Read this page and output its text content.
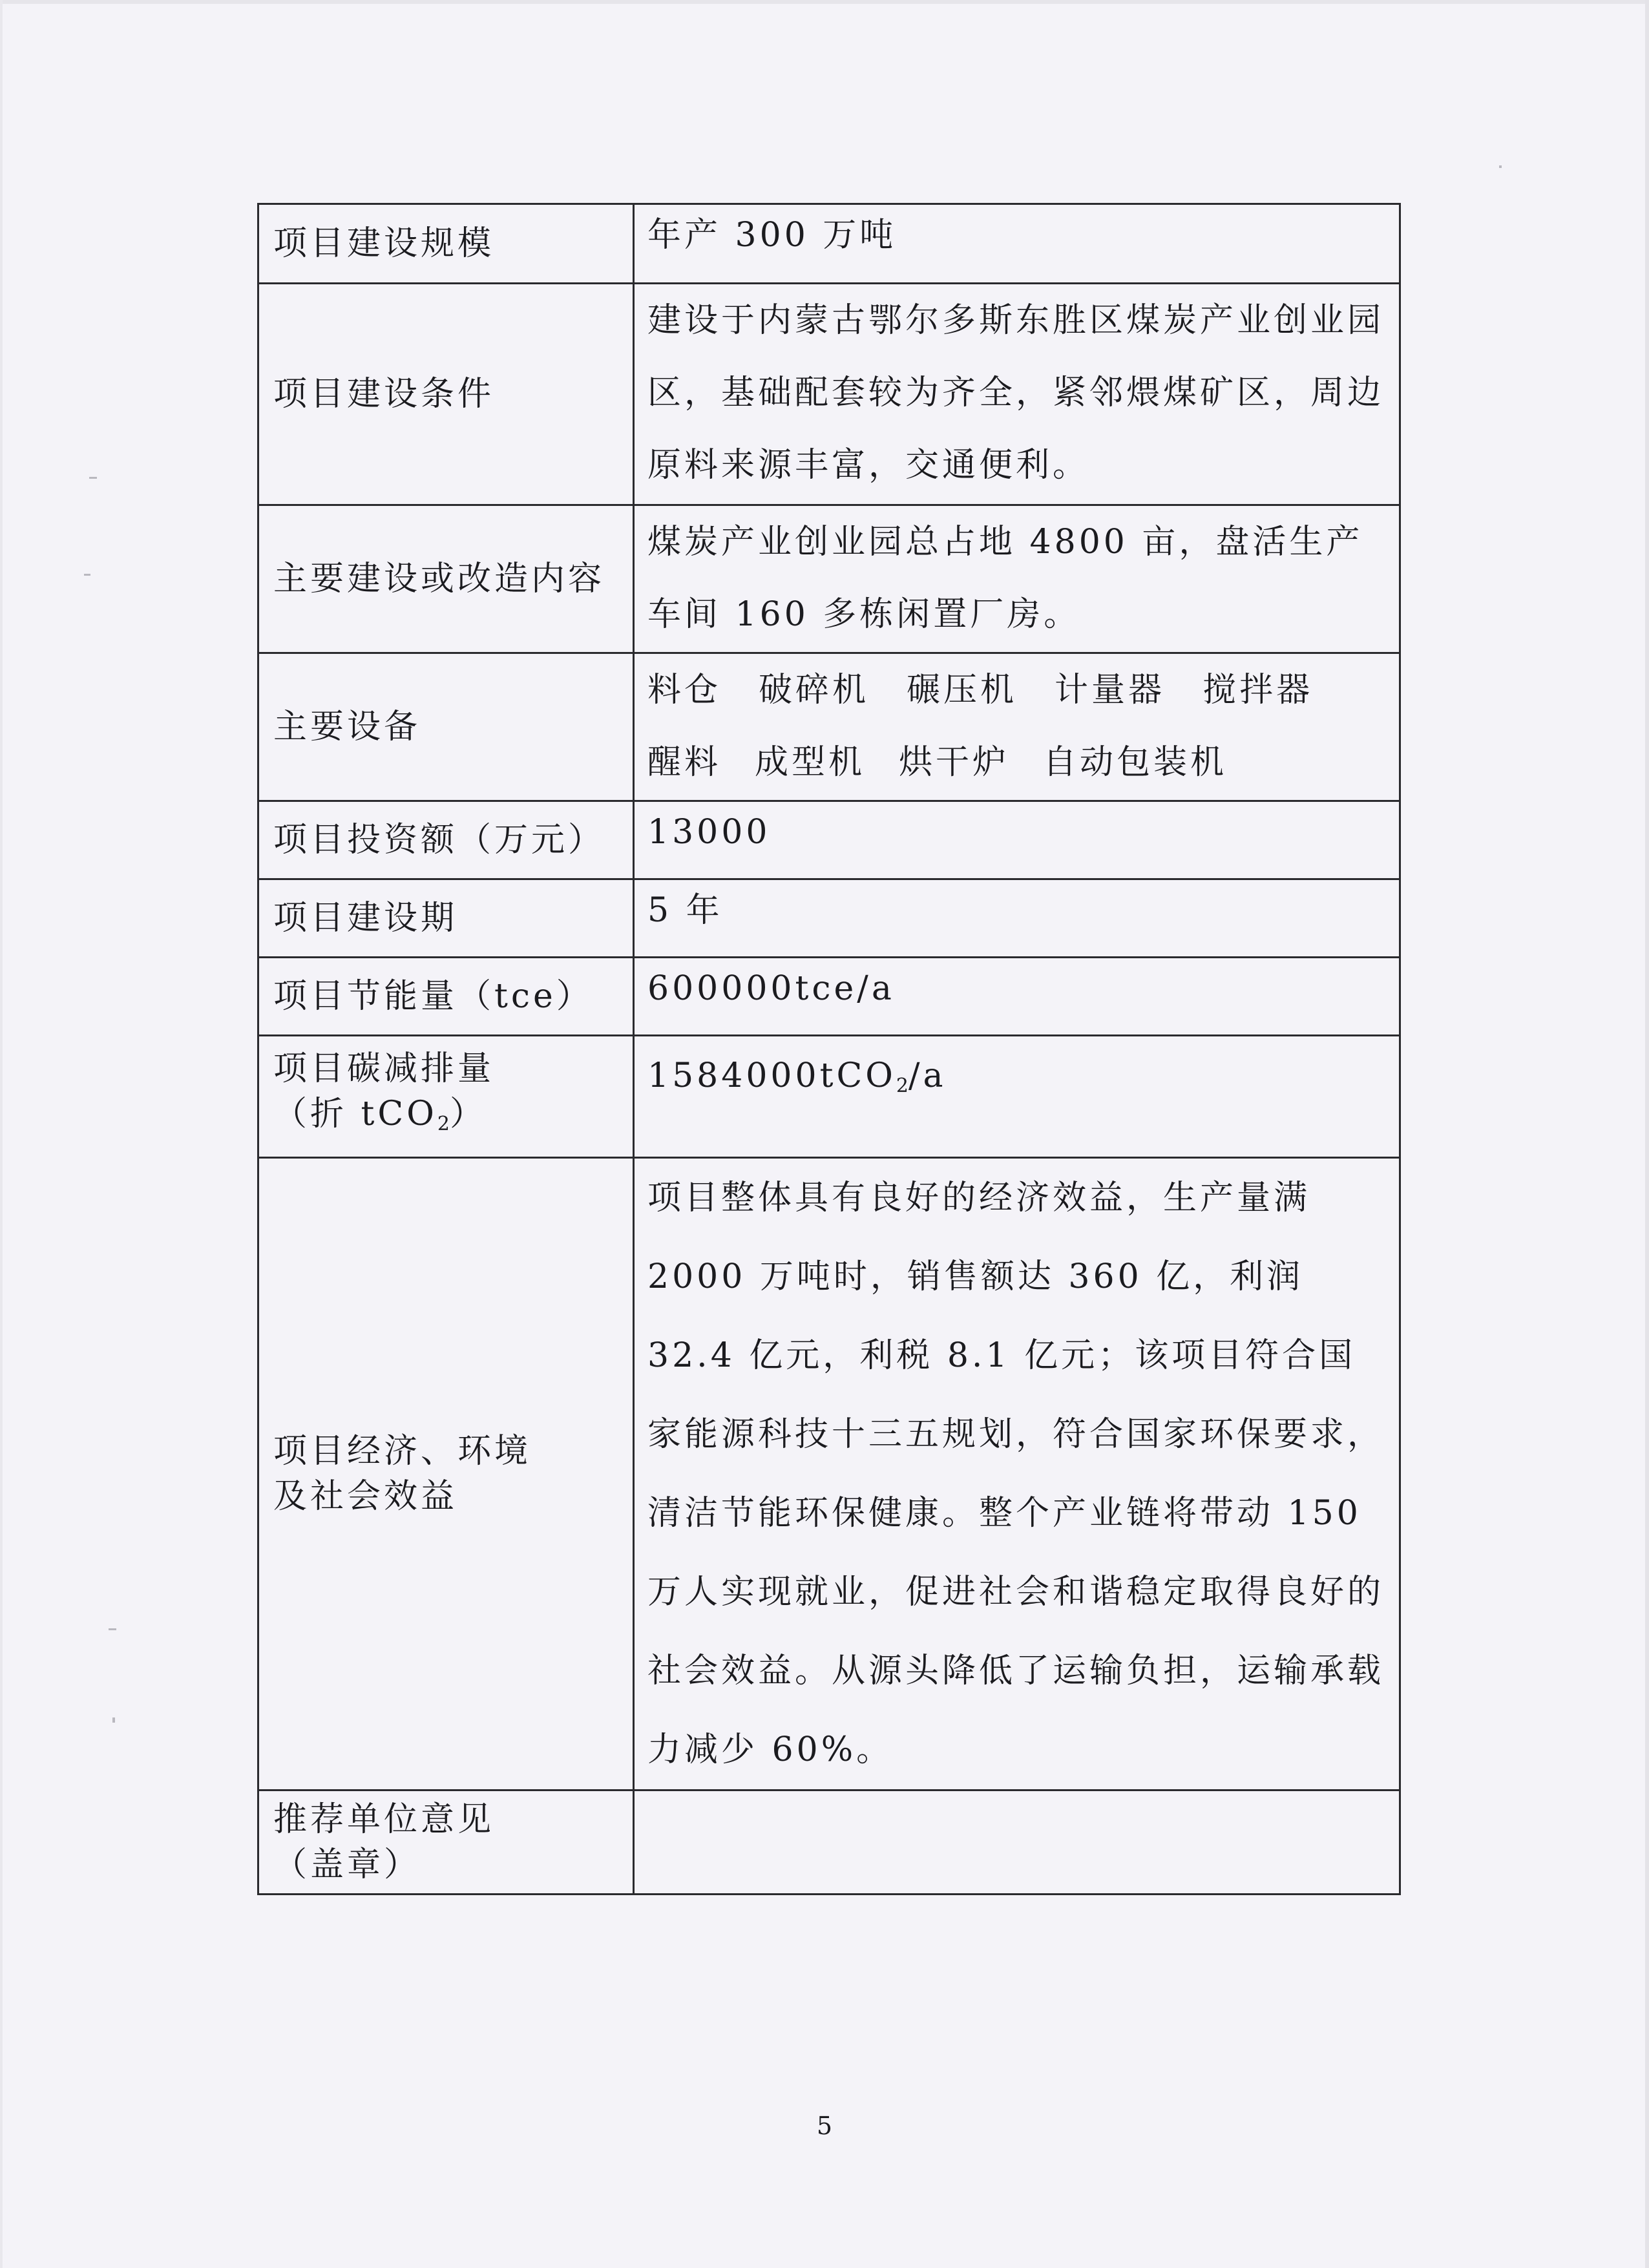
项目建设规模	年产 300 万吨
项目建设条件	建设于内蒙古鄂尔多斯东胜区煤炭产业创业园区，基础配套较为齐全，紧邻煨煤矿区，周边原料来源丰富，交通便利。
主要建设或改造内容	煤炭产业创业园总占地 4800 亩，盘活生产车间 160 多栋闲置厂房。
主要设备	料仓 破碎机 碾压机 计量器 搅拌器
醒料 成型机 烘干炉 自动包装机

项目投资额（万元）	13000
项目建设期	5 年
项目节能量（tce）	600000tce/a

项目碳减排量
（折 tCO2）	1584000tCO2/a

项目经济、环境
及社会效益	项目整体具有良好的经济效益，生产量满 2000 万吨时，销售额达 360 亿，利润 32.4 亿元，利税 8.1 亿元；该项目符合国家能源科技十三五规划，符合国家环保要求，清洁节能环保健康。整个产业链将带动 150 万人实现就业，促进社会和谐稳定取得良好的社会效益。从源头降低了运输负担，运输承载力减少 60%。

推荐单位意见
（盖章）	

5
